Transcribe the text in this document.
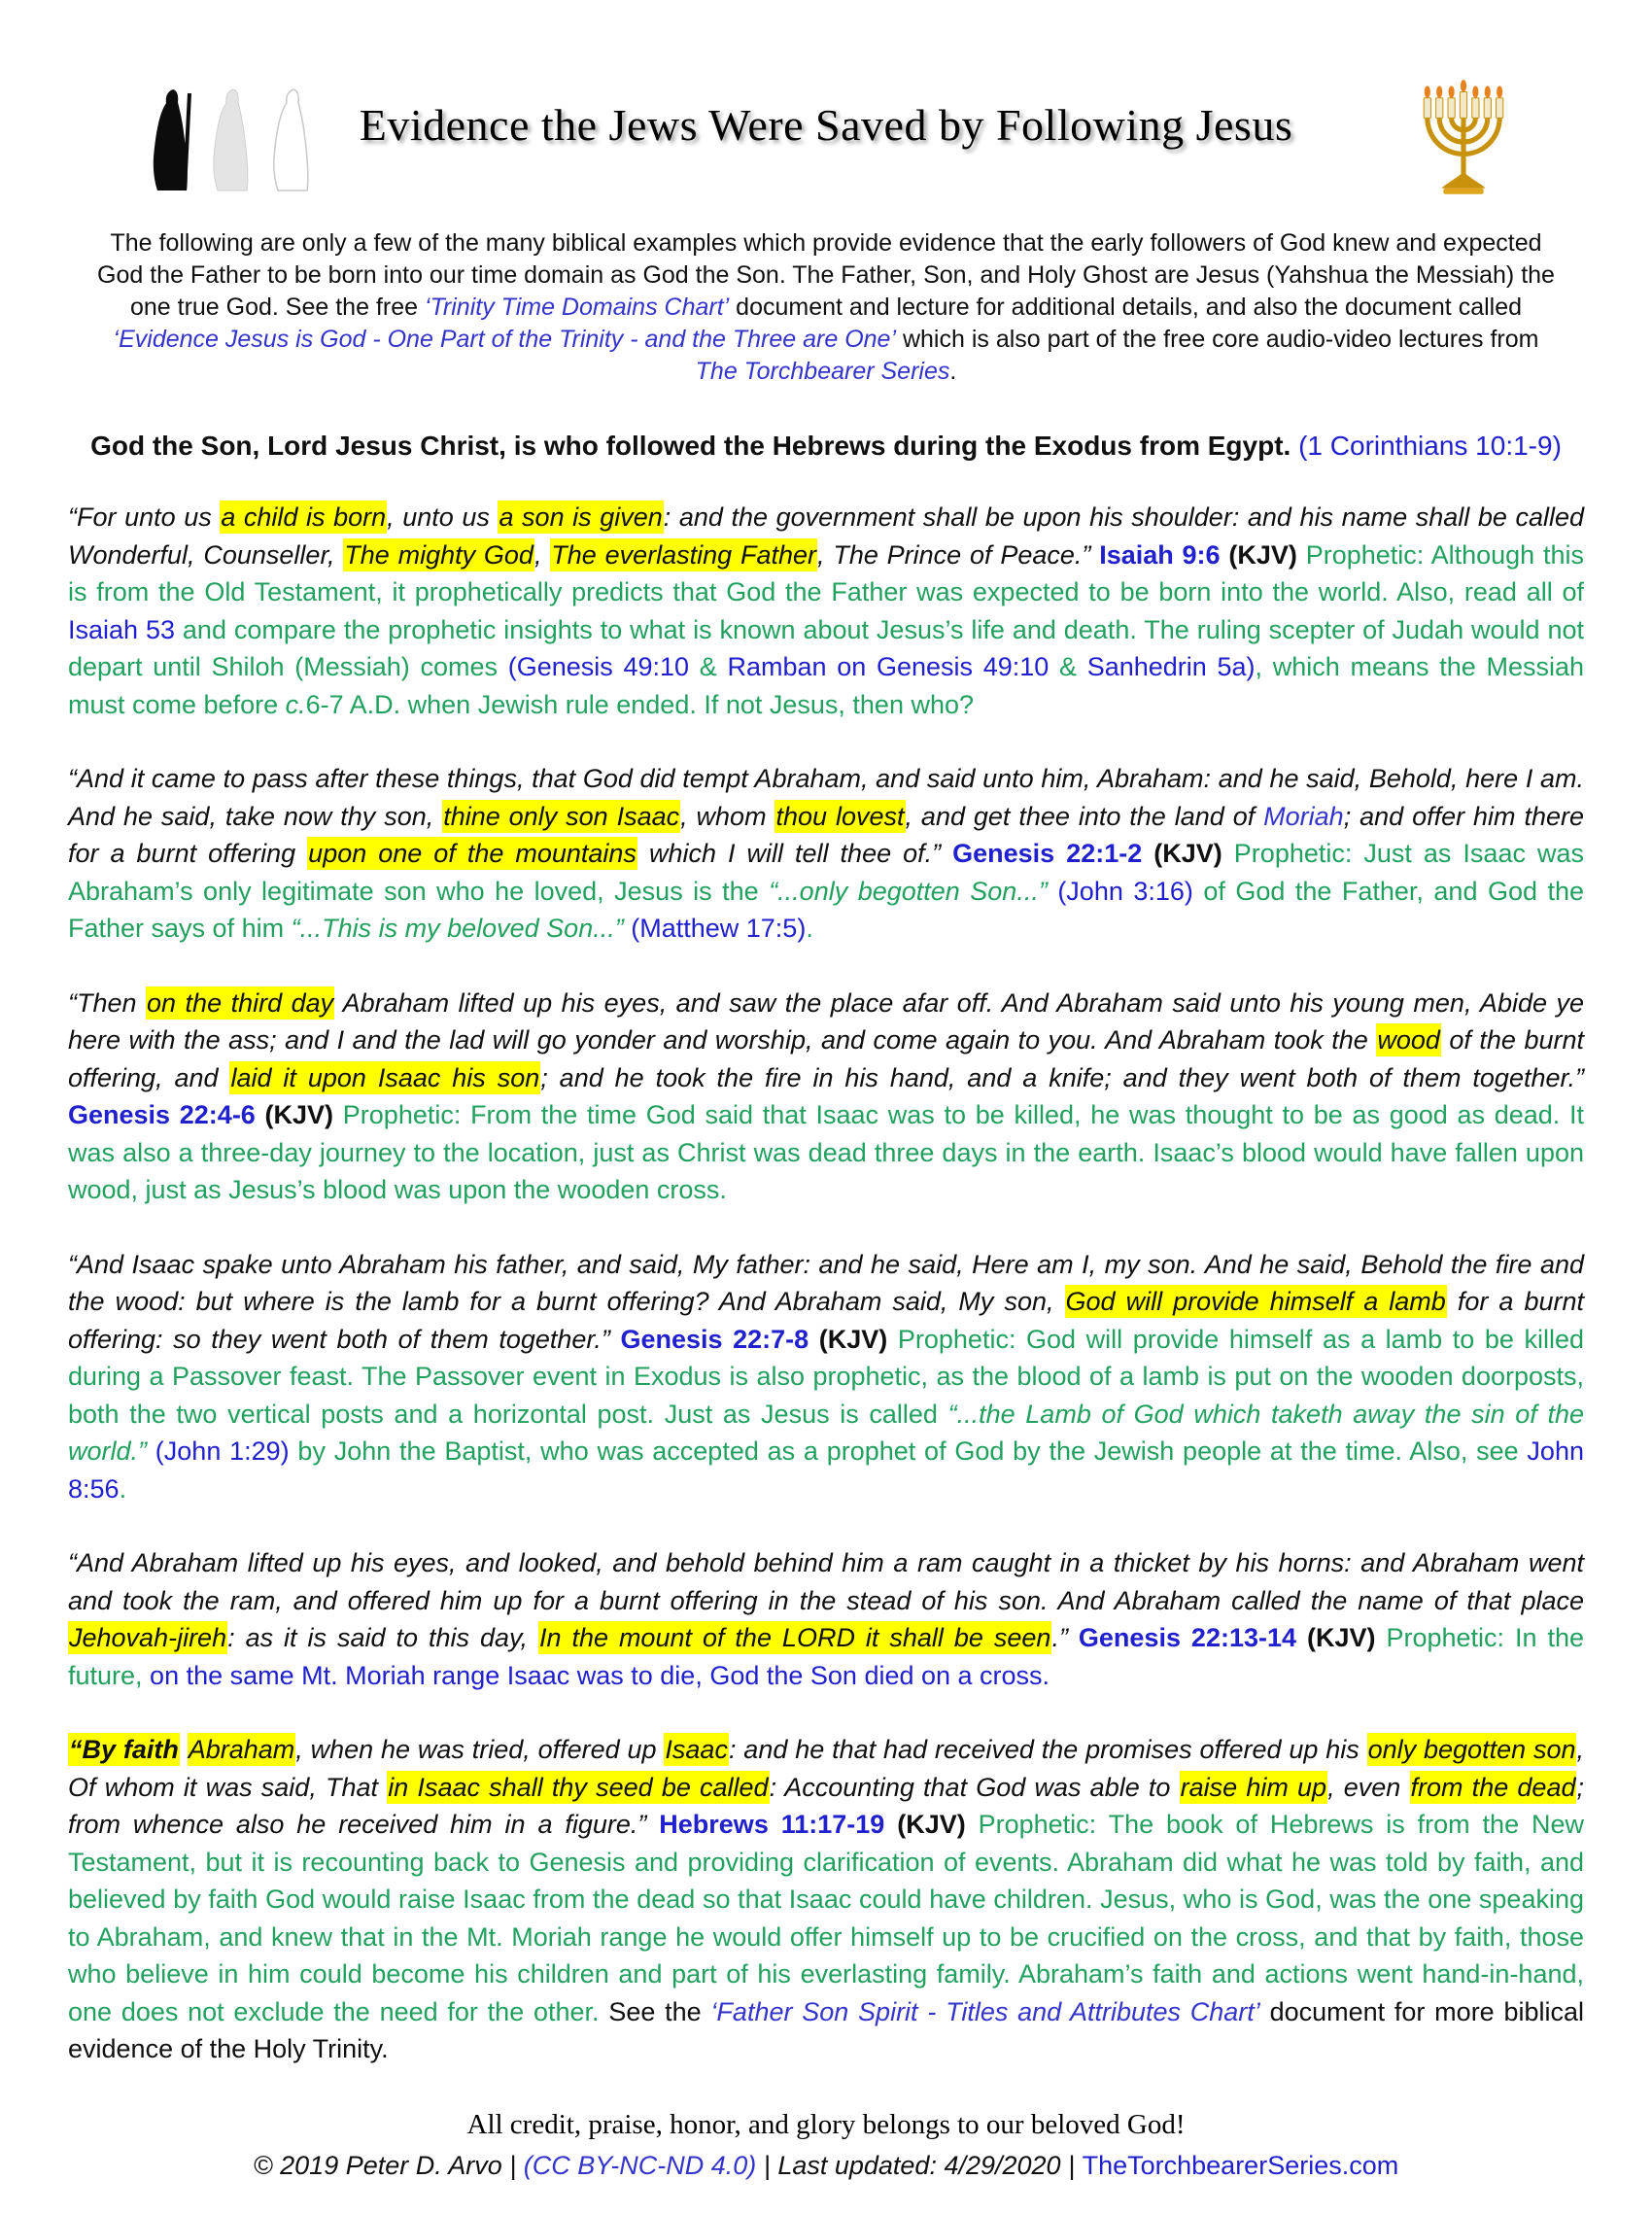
Evidence the Jews Were Saved by Following Jesus
The following are only a few of the many biblical examples which provide evidence that the early followers of God knew and expected God the Father to be born into our time domain as God the Son. The Father, Son, and Holy Ghost are Jesus (Yahshua the Messiah) the one true God. See the free ‘Trinity Time Domains Chart’ document and lecture for additional details, and also the document called ‘Evidence Jesus is God - One Part of the Trinity - and the Three are One’ which is also part of the free core audio-video lectures from The Torchbearer Series.
God the Son, Lord Jesus Christ, is who followed the Hebrews during the Exodus from Egypt. (1 Corinthians 10:1-9)
“For unto us a child is born, unto us a son is given: and the government shall be upon his shoulder: and his name shall be called Wonderful, Counseller, The mighty God, The everlasting Father, The Prince of Peace.” Isaiah 9:6 (KJV) Prophetic: Although this is from the Old Testament, it prophetically predicts that God the Father was expected to be born into the world. Also, read all of Isaiah 53 and compare the prophetic insights to what is known about Jesus’s life and death. The ruling scepter of Judah would not depart until Shiloh (Messiah) comes (Genesis 49:10 & Ramban on Genesis 49:10 & Sanhedrin 5a), which means the Messiah must come before c.6-7 A.D. when Jewish rule ended. If not Jesus, then who?
“And it came to pass after these things, that God did tempt Abraham, and said unto him, Abraham: and he said, Behold, here I am. And he said, take now thy son, thine only son Isaac, whom thou lovest, and get thee into the land of Moriah; and offer him there for a burnt offering upon one of the mountains which I will tell thee of.” Genesis 22:1-2 (KJV) Prophetic: Just as Isaac was Abraham’s only legitimate son who he loved, Jesus is the “...only begotten Son...” (John 3:16) of God the Father, and God the Father says of him “...This is my beloved Son...” (Matthew 17:5).
“Then on the third day Abraham lifted up his eyes, and saw the place afar off. And Abraham said unto his young men, Abide ye here with the ass; and I and the lad will go yonder and worship, and come again to you. And Abraham took the wood of the burnt offering, and laid it upon Isaac his son; and he took the fire in his hand, and a knife; and they went both of them together.” Genesis 22:4-6 (KJV) Prophetic: From the time God said that Isaac was to be killed, he was thought to be as good as dead. It was also a three-day journey to the location, just as Christ was dead three days in the earth. Isaac’s blood would have fallen upon wood, just as Jesus’s blood was upon the wooden cross.
“And Isaac spake unto Abraham his father, and said, My father: and he said, Here am I, my son. And he said, Behold the fire and the wood: but where is the lamb for a burnt offering? And Abraham said, My son, God will provide himself a lamb for a burnt offering: so they went both of them together.” Genesis 22:7-8 (KJV) Prophetic: God will provide himself as a lamb to be killed during a Passover feast. The Passover event in Exodus is also prophetic, as the blood of a lamb is put on the wooden doorposts, both the two vertical posts and a horizontal post. Just as Jesus is called “...the Lamb of God which taketh away the sin of the world.” (John 1:29) by John the Baptist, who was accepted as a prophet of God by the Jewish people at the time. Also, see John 8:56.
“And Abraham lifted up his eyes, and looked, and behold behind him a ram caught in a thicket by his horns: and Abraham went and took the ram, and offered him up for a burnt offering in the stead of his son. And Abraham called the name of that place Jehovah-jireh: as it is said to this day, In the mount of the LORD it shall be seen.” Genesis 22:13-14 (KJV) Prophetic: In the future, on the same Mt. Moriah range Isaac was to die, God the Son died on a cross.
“By faith Abraham, when he was tried, offered up Isaac: and he that had received the promises offered up his only begotten son, Of whom it was said, That in Isaac shall thy seed be called: Accounting that God was able to raise him up, even from the dead; from whence also he received him in a figure.” Hebrews 11:17-19 (KJV) Prophetic: The book of Hebrews is from the New Testament, but it is recounting back to Genesis and providing clarification of events. Abraham did what he was told by faith, and believed by faith God would raise Isaac from the dead so that Isaac could have children. Jesus, who is God, was the one speaking to Abraham, and knew that in the Mt. Moriah range he would offer himself up to be crucified on the cross, and that by faith, those who believe in him could become his children and part of his everlasting family. Abraham’s faith and actions went hand-in-hand, one does not exclude the need for the other. See the ‘Father Son Spirit - Titles and Attributes Chart’ document for more biblical evidence of the Holy Trinity.
All credit, praise, honor, and glory belongs to our beloved God!
© 2019 Peter D. Arvo | (CC BY-NC-ND 4.0) | Last updated: 4/29/2020 | TheTorchbearerSeries.com
